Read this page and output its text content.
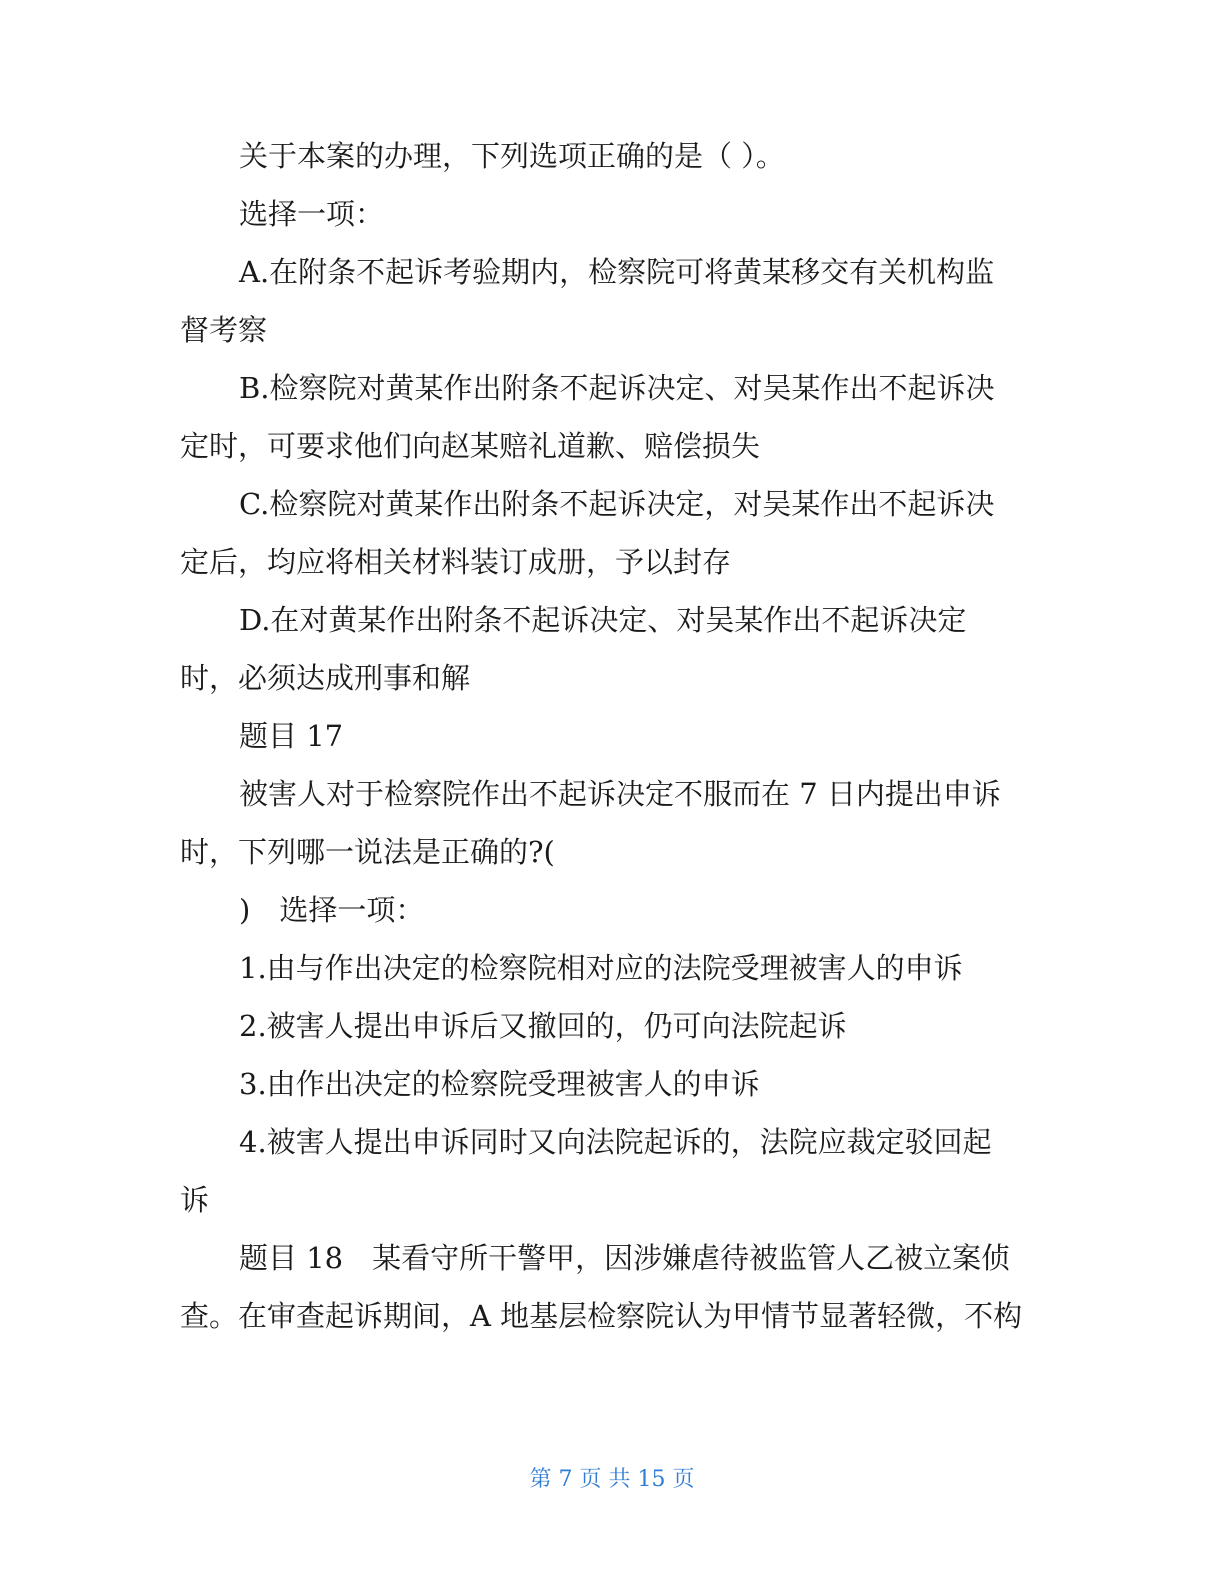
关于本案的办理，下列选项正确的是（ ）。
选择一项：
A.在附条不起诉考验期内，检察院可将黄某移交有关机构监
督考察
B.检察院对黄某作出附条不起诉决定、对吴某作出不起诉决
定时，可要求他们向赵某赔礼道歉、赔偿损失
C.检察院对黄某作出附条不起诉决定，对吴某作出不起诉决
定后，均应将相关材料装订成册，予以封存
D.在对黄某作出附条不起诉决定、对吴某作出不起诉决定
时，必须达成刑事和解
题目 17
被害人对于检察院作出不起诉决定不服而在 7 日内提出申诉
时，下列哪一说法是正确的?(
)　选择一项：
1.由与作出决定的检察院相对应的法院受理被害人的申诉
2.被害人提出申诉后又撤回的，仍可向法院起诉
3.由作出决定的检察院受理被害人的申诉
4.被害人提出申诉同时又向法院起诉的，法院应裁定驳回起
诉
题目 18　某看守所干警甲，因涉嫌虐待被监管人乙被立案侦
查。在审查起诉期间，A 地基层检察院认为甲情节显著轻微，不构
第 7 页 共 15 页
